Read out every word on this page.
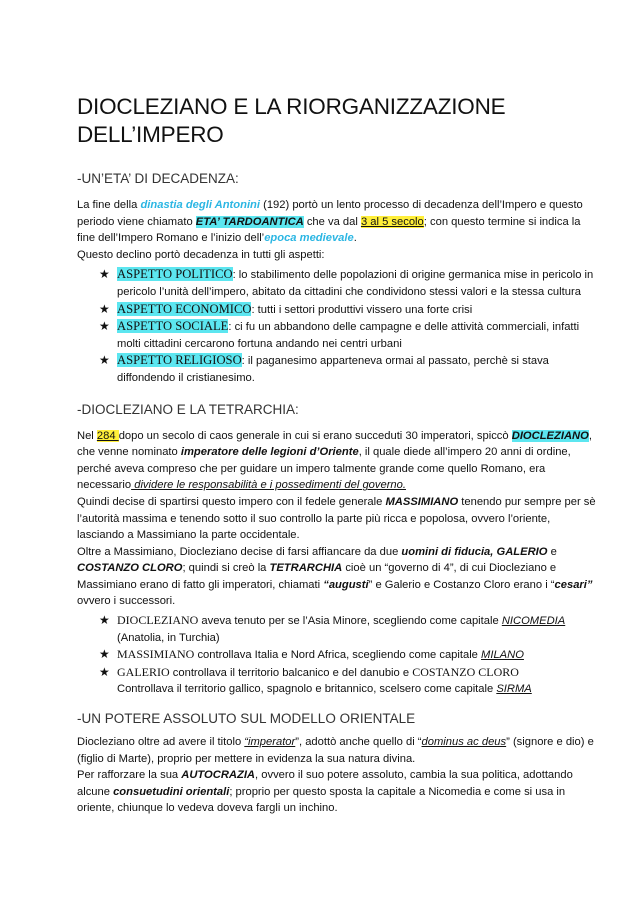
DIOCLEZIANO E LA RIORGANIZZAZIONE
DELL’IMPERO
-UN’ETA’ DI DECADENZA:

La fine della dinastia degli Antonini (192) portò un lento processo di decadenza dell’Impero e questo periodo viene chiamato ETA’ TARDOANTICA che va dal 3 al 5 secolo; con questo termine si indica la fine dell’Impero Romano e l’inizio dell’epoca medievale.
Questo declino portò decadenza in tutti gli aspetti:

★ ASPETTO POLITICO: lo stabilimento delle popolazioni di origine germanica mise in pericolo in pericolo l’unità dell’impero, abitato da cittadini che condividono stessi valori e la stessa cultura
★ ASPETTO ECONOMICO: tutti i settori produttivi vissero una forte crisi
★ ASPETTO SOCIALE: ci fu un abbandono delle campagne e delle attività commerciali, infatti molti cittadini cercarono fortuna andando nei centri urbani
★ ASPETTO RELIGIOSO: il paganesimo apparteneva ormai al passato, perchè si stava diffondendo il cristianesimo.
-DIOCLEZIANO E LA TETRARCHIA:

Nel 284 dopo un secolo di caos generale in cui si erano succeduti 30 imperatori, spiccò DIOCLEZIANO, che venne nominato imperatore delle legioni d’Oriente, il quale diede all’impero 20 anni di ordine, perché aveva compreso che per guidare un impero talmente grande come quello Romano, era necessario dividere le responsabilità e i possedimenti del governo.
Quindi decise di spartirsi questo impero con il fedele generale MASSIMIANO tenendo pur sempre per sè l’autorità massima e tenendo sotto il suo controllo la parte più ricca e popolosa, ovvero l’oriente, lasciando a Massimiano la parte occidentale.
Oltre a Massimiano, Diocleziano decise di farsi affiancare da due uomini di fiducia, GALERIO e COSTANZO CLORO; quindi si creò la TETRARCHIA cioè un “governo di 4”, di cui Diocleziano e Massimiano erano di fatto gli imperatori, chiamati “augusti” e Galerio e Costanzo Cloro erano i “cesari” ovvero i successori.

★ DIOCLEZIANO aveva tenuto per se l’Asia Minore, scegliendo come capitale NICOMEDIA (Anatolia, in Turchia)
★ MASSIMIANO controllava Italia e Nord Africa, scegliendo come capitale MILANO
★ GALERIO controllava il territorio balcanico e del danubio e COSTANZO CLORO
Controllava il territorio gallico, spagnolo e britannico, scelsero come capitale SIRMA
-UN POTERE ASSOLUTO SUL MODELLO ORIENTALE

Diocleziano oltre ad avere il titolo “imperator”, adottò anche quello di “dominus ac deus” (signore e dio) e (figlio di Marte), proprio per mettere in evidenza la sua natura divina.
Per rafforzare la sua AUTOCRAZIA, ovvero il suo potere assoluto, cambia la sua politica, adottando alcune consuetudini orientali; proprio per questo sposta la capitale a Nicomedia e come si usa in oriente, chiunque lo vedeva doveva fargli un inchino.
